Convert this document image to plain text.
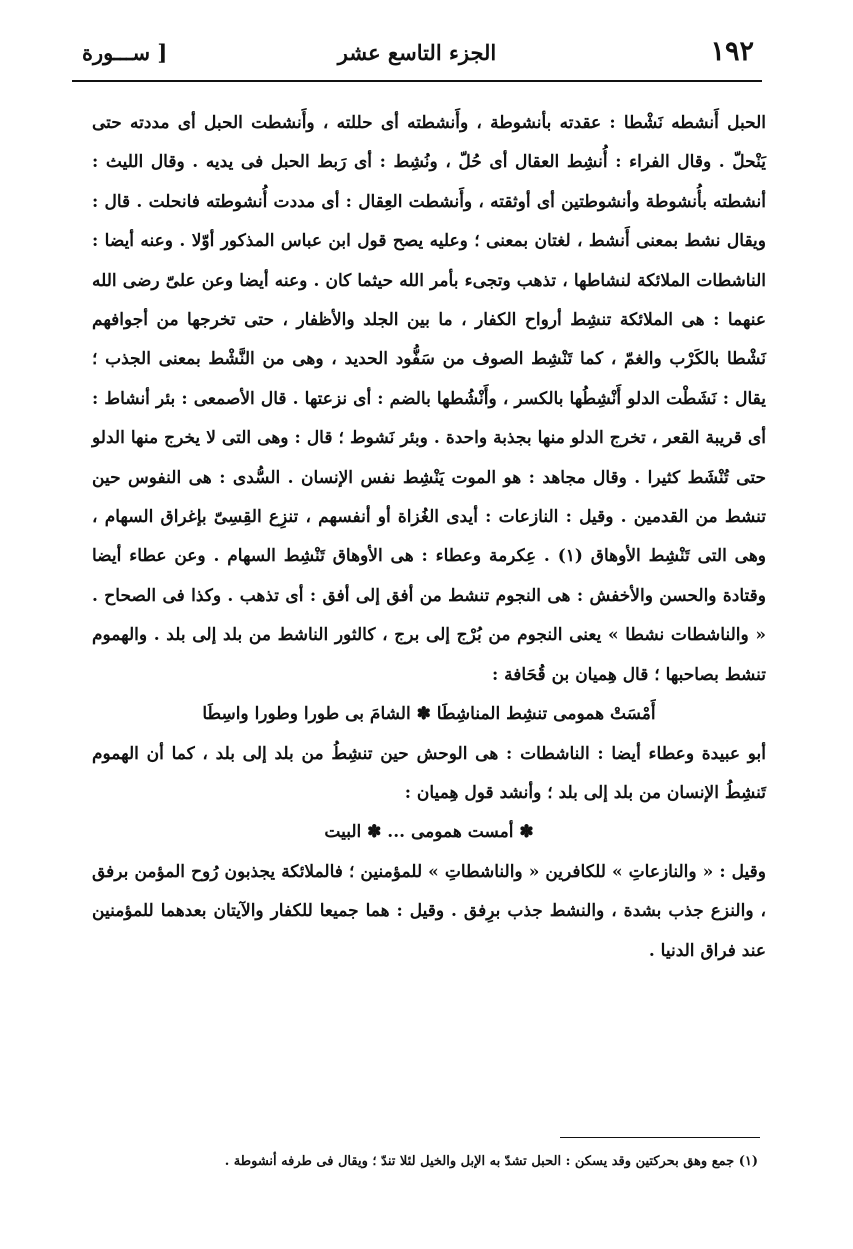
١٩٢
الجزء التاسع عشر
[ ســـورة

الحبل أَنشطه نَشْطا : عقدته بأنشوطة ، وأَنشطته أى حللته ، وأَنشطت الحبل أى مددته حتى يَنْحلّ . وقال الفراء : أُنشِط العقال أى حُلّ ، ونُشِط : أى رَبط الحبل فى يديه . وقال الليث : أنشطته بأُنشوطة وأنشوطتين أى أوثقته ، وأَنشطت العِقال : أى مددت أُنشوطته فانحلت . قال : ويقال نشط بمعنى أَنشط ، لغتان بمعنى ؛ وعليه يصح قول ابن عباس المذكور أوّلا . وعنه أيضا : الناشطات الملائكة لنشاطها ، تذهب وتجىء بأمر الله حيثما كان . وعنه أيضا وعن علىّ رضى الله عنهما : هى الملائكة تنشِط أرواح الكفار ، ما بين الجلد والأظفار ، حتى تخرجها من أجوافهم نَشْطا بالكَرْب والغمّ ، كما تَنْشِط الصوف من سَفُّود الحديد ، وهى من النَّشْط بمعنى الجذب ؛ يقال : نَشَطْت الدلو أَنْشِطُها بالكسر ، وأَنْشُطها بالضم : أى نزعتها . قال الأصمعى : بئر أنشاط : أى قريبة القعر ، تخرج الدلو منها بجذبة واحدة . وبئر نَشوط ؛ قال : وهى التى لا يخرج منها الدلو حتى تُنْشَط كثيرا . وقال مجاهد : هو الموت يَنْشِط نفس الإنسان . السُّدى : هى النفوس حين تنشط من القدمين . وقيل : النازعات : أيدى الغُزاة أو أنفسهم ، تنزِع القِسِىّ بإغراق السهام ، وهى التى تَنْشِط الأوهاق (١) . عِكرمة وعطاء : هى الأوهاق تَنْشِط السهام . وعن عطاء أيضا وقتادة والحسن والأخفش : هى النجوم تنشط من أفق إلى أفق : أى تذهب . وكذا فى الصحاح . « والناشطات نشطا » يعنى النجوم من بُرْج إلى برج ، كالثور الناشط من بلد إلى بلد . والهموم تنشط بصاحبها ؛ قال هِميان بن قُحَافة :

أَمْسَتْ همومى تنشِط المناشِطَا ✽ الشامَ بى طورا وطورا واسِطَا

أبو عبيدة وعطاء أيضا : الناشطات : هى الوحش حين تنشِطُ من بلد إلى بلد ، كما أن الهموم تَنشِطُ الإنسان من بلد إلى بلد ؛ وأنشد قول هِميان :

✽ أمست همومى ... ✽ البيت

وقيل : « والنازعاتِ » للكافرين « والناشطاتِ » للمؤمنين ؛ فالملائكة يجذبون رُوح المؤمن برفق ، والنزع جذب بشدة ، والنشط جذب برِفق . وقيل : هما جميعا للكفار والآيتان بعدهما للمؤمنين عند فراق الدنيا .

(١) جمع وهق بحركتين وقد يسكن : الحبل تشدّ به الإبل والخيل لئلا تندّ ؛ ويقال فى طرفه أنشوطة .
